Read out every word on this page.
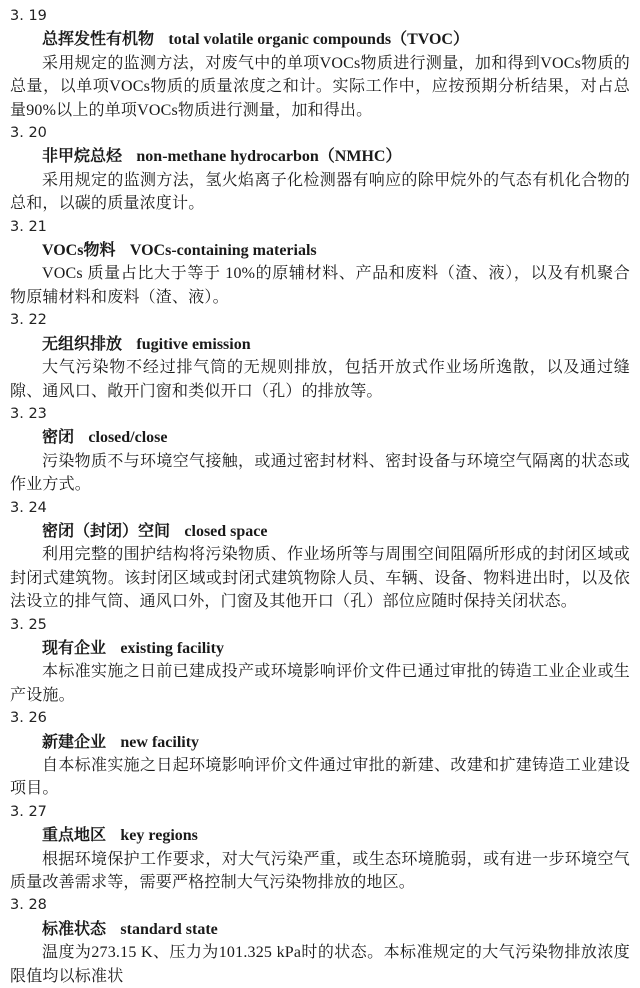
3. 19
总挥发性有机物 total volatile organic compounds（TVOC）

采用规定的监测方法，对废气中的单项VOCs物质进行测量，加和得到VOCs物质的总量，以单项VOCs物质的质量浓度之和计。实际工作中，应按预期分析结果，对占总量90%以上的单项VOCs物质进行测量，加和得出。

3. 20
非甲烷总烃 non-methane hydrocarbon（NMHC）

采用规定的监测方法，氢火焰离子化检测器有响应的除甲烷外的气态有机化合物的总和，以碳的质量浓度计。

3. 21
VOCs物料 VOCs-containing materials

VOCs 质量占比大于等于 10%的原辅材料、产品和废料（渣、液），以及有机聚合物原辅材料和废料（渣、液）。

3. 22
无组织排放 fugitive emission

大气污染物不经过排气筒的无规则排放，包括开放式作业场所逸散，以及通过缝隙、通风口、敞开门窗和类似开口（孔）的排放等。

3. 23
密闭 closed/close

污染物质不与环境空气接触，或通过密封材料、密封设备与环境空气隔离的状态或作业方式。

3. 24
密闭（封闭）空间 closed space

利用完整的围护结构将污染物质、作业场所等与周围空间阻隔所形成的封闭区域或封闭式建筑物。该封闭区域或封闭式建筑物除人员、车辆、设备、物料进出时，以及依法设立的排气筒、通风口外，门窗及其他开口（孔）部位应随时保持关闭状态。

3. 25
现有企业 existing facility

本标准实施之日前已建成投产或环境影响评价文件已通过审批的铸造工业企业或生产设施。

3. 26
新建企业 new facility

自本标准实施之日起环境影响评价文件通过审批的新建、改建和扩建铸造工业建设项目。

3. 27
重点地区 key regions

根据环境保护工作要求，对大气污染严重，或生态环境脆弱，或有进一步环境空气质量改善需求等，需要严格控制大气污染物排放的地区。

3. 28
标准状态 standard state

温度为273.15 K、压力为101.325 kPa时的状态。本标准规定的大气污染物排放浓度限值均以标准状
